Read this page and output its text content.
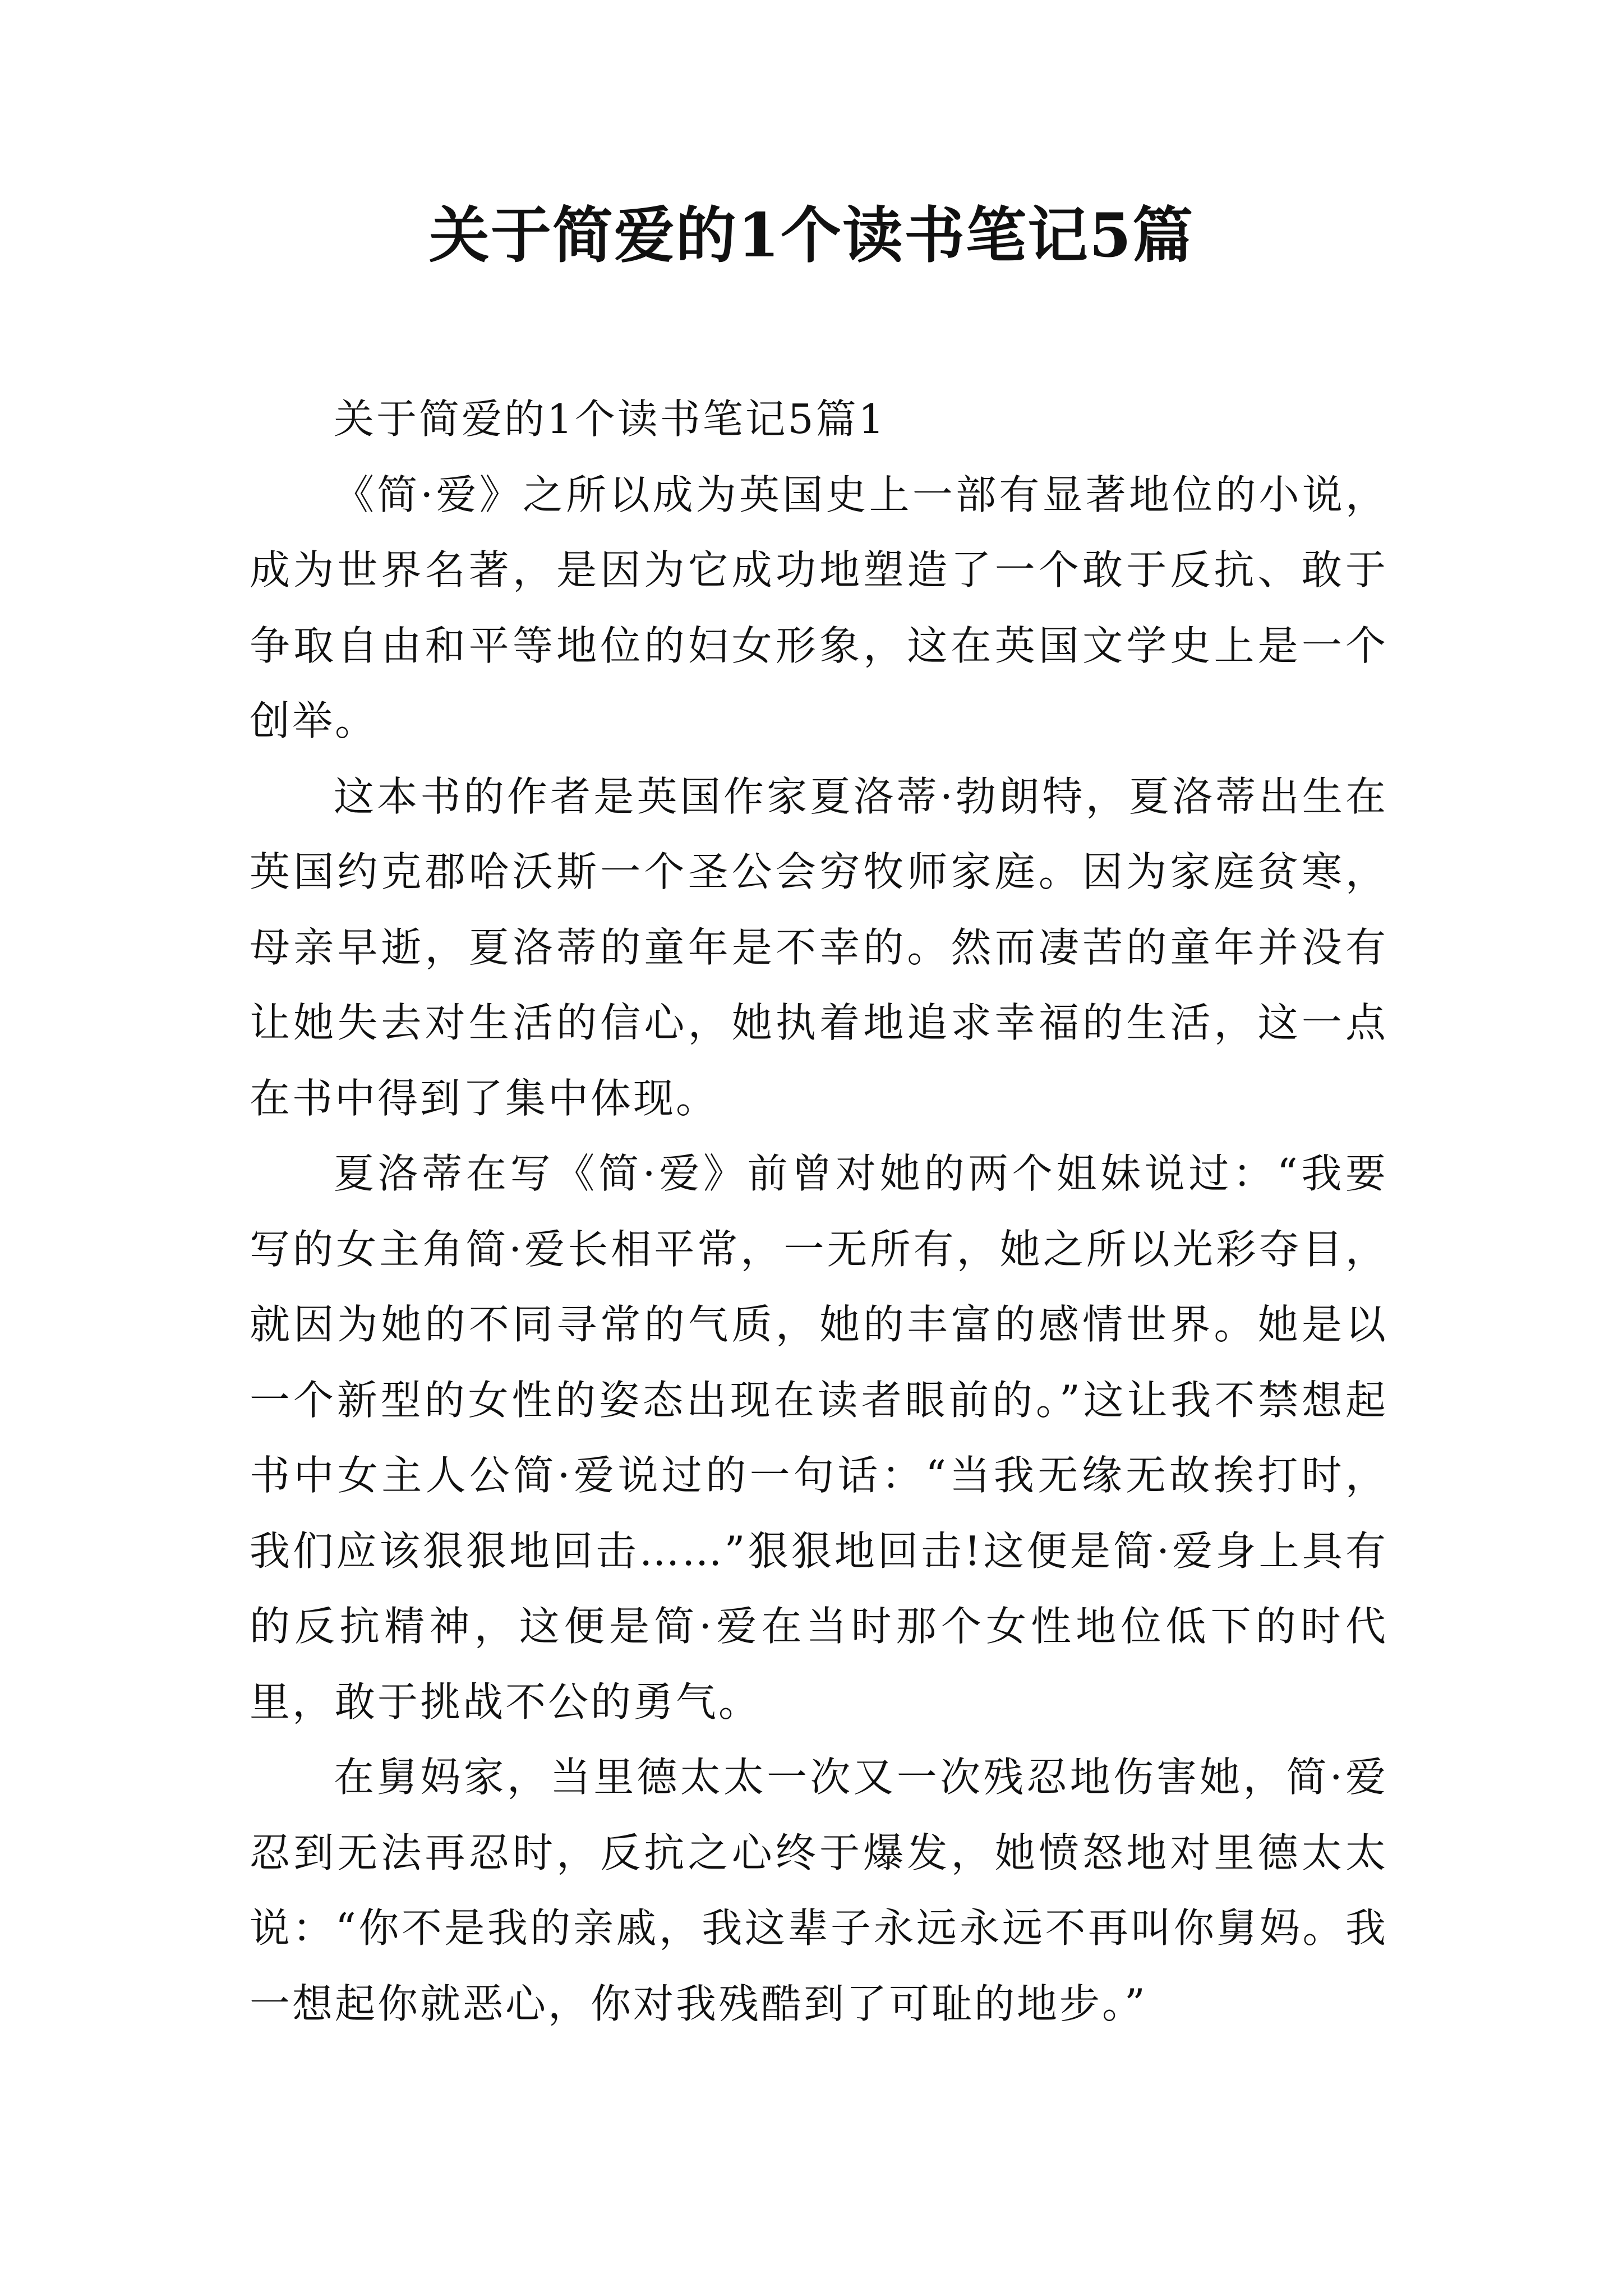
关于简爱的1个读书笔记5篇

关于简爱的1个读书笔记5篇1

《简·爱》之所以成为英国史上一部有显著地位的小说，成为世界名著，是因为它成功地塑造了一个敢于反抗、敢于争取自由和平等地位的妇女形象，这在英国文学史上是一个创举。

这本书的作者是英国作家夏洛蒂·勃朗特，夏洛蒂出生在英国约克郡哈沃斯一个圣公会穷牧师家庭。因为家庭贫寒，母亲早逝，夏洛蒂的童年是不幸的。然而凄苦的童年并没有让她失去对生活的信心，她执着地追求幸福的生活，这一点在书中得到了集中体现。

夏洛蒂在写《简·爱》前曾对她的两个姐妹说过：“我要写的女主角简·爱长相平常，一无所有，她之所以光彩夺目，就因为她的不同寻常的气质，她的丰富的感情世界。她是以一个新型的女性的姿态出现在读者眼前的。”这让我不禁想起书中女主人公简·爱说过的一句话：“当我无缘无故挨打时，我们应该狠狠地回击……”狠狠地回击!这便是简·爱身上具有的反抗精神，这便是简·爱在当时那个女性地位低下的时代里，敢于挑战不公的勇气。

在舅妈家，当里德太太一次又一次残忍地伤害她，简·爱忍到无法再忍时，反抗之心终于爆发，她愤怒地对里德太太说：“你不是我的亲戚，我这辈子永远永远不再叫你舅妈。我一想起你就恶心，你对我残酷到了可耻的地步。”
